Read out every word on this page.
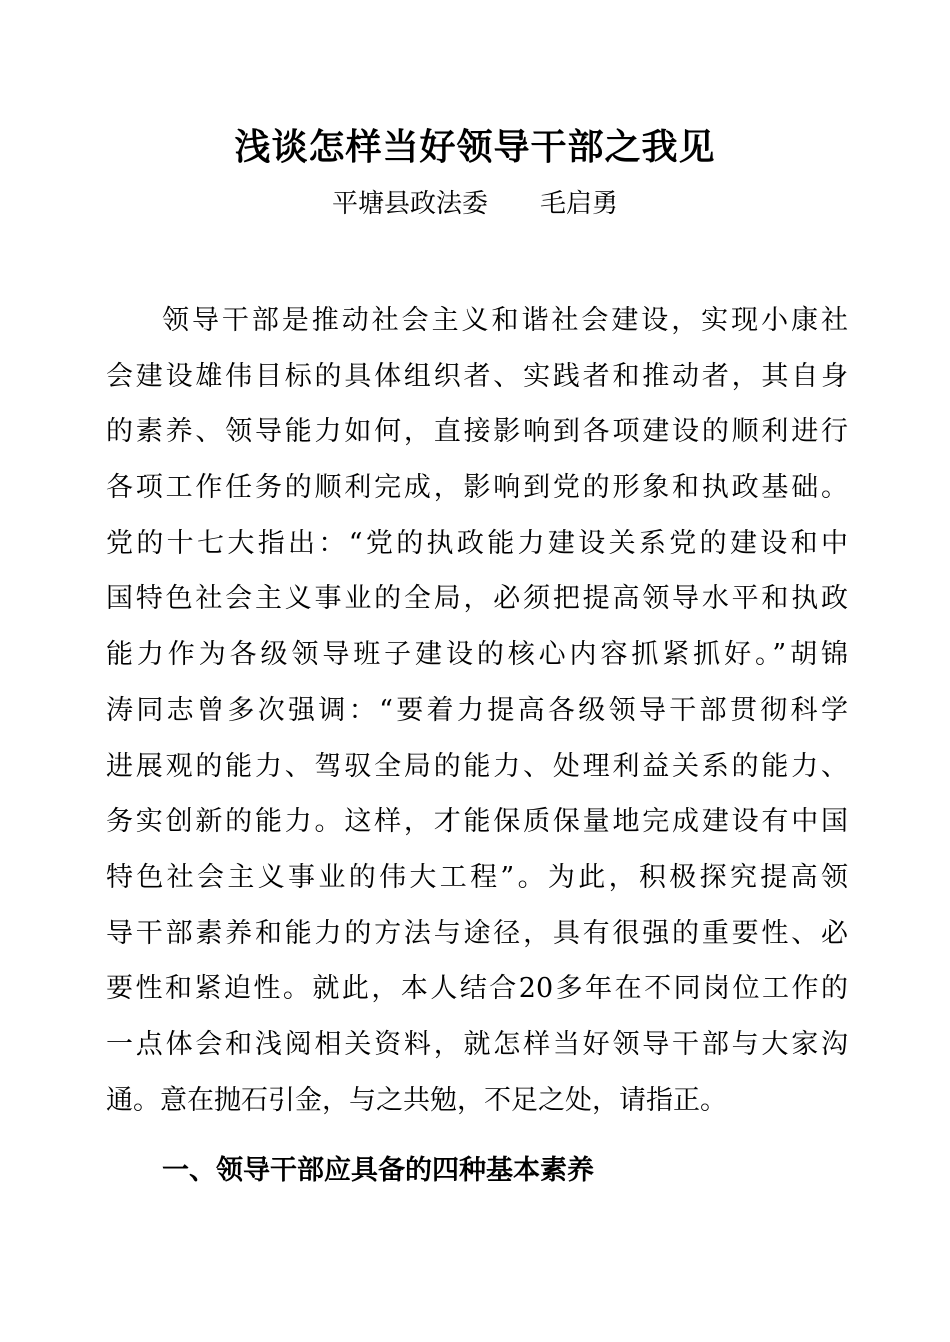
浅谈怎样当好领导干部之我见
平塘县政法委　　毛启勇
领导干部是推动社会主义和谐社会建设，实现小康社
会建设雄伟目标的具体组织者、实践者和推动者，其自身
的素养、领导能力如何，直接影响到各项建设的顺利进行
各项工作任务的顺利完成，影响到党的形象和执政基础。
党的十七大指出：“党的执政能力建设关系党的建设和中
国特色社会主义事业的全局，必须把提高领导水平和执政
能力作为各级领导班子建设的核心内容抓紧抓好。”胡锦
涛同志曾多次强调：“要着力提高各级领导干部贯彻科学
进展观的能力、驾驭全局的能力、处理利益关系的能力、
务实创新的能力。这样，才能保质保量地完成建设有中国
特色社会主义事业的伟大工程”。为此，积极探究提高领
导干部素养和能力的方法与途径，具有很强的重要性、必
要性和紧迫性。就此，本人结合20多年在不同岗位工作的
一点体会和浅阅相关资料，就怎样当好领导干部与大家沟
通。意在抛石引金，与之共勉，不足之处，请指正。
一、领导干部应具备的四种基本素养
